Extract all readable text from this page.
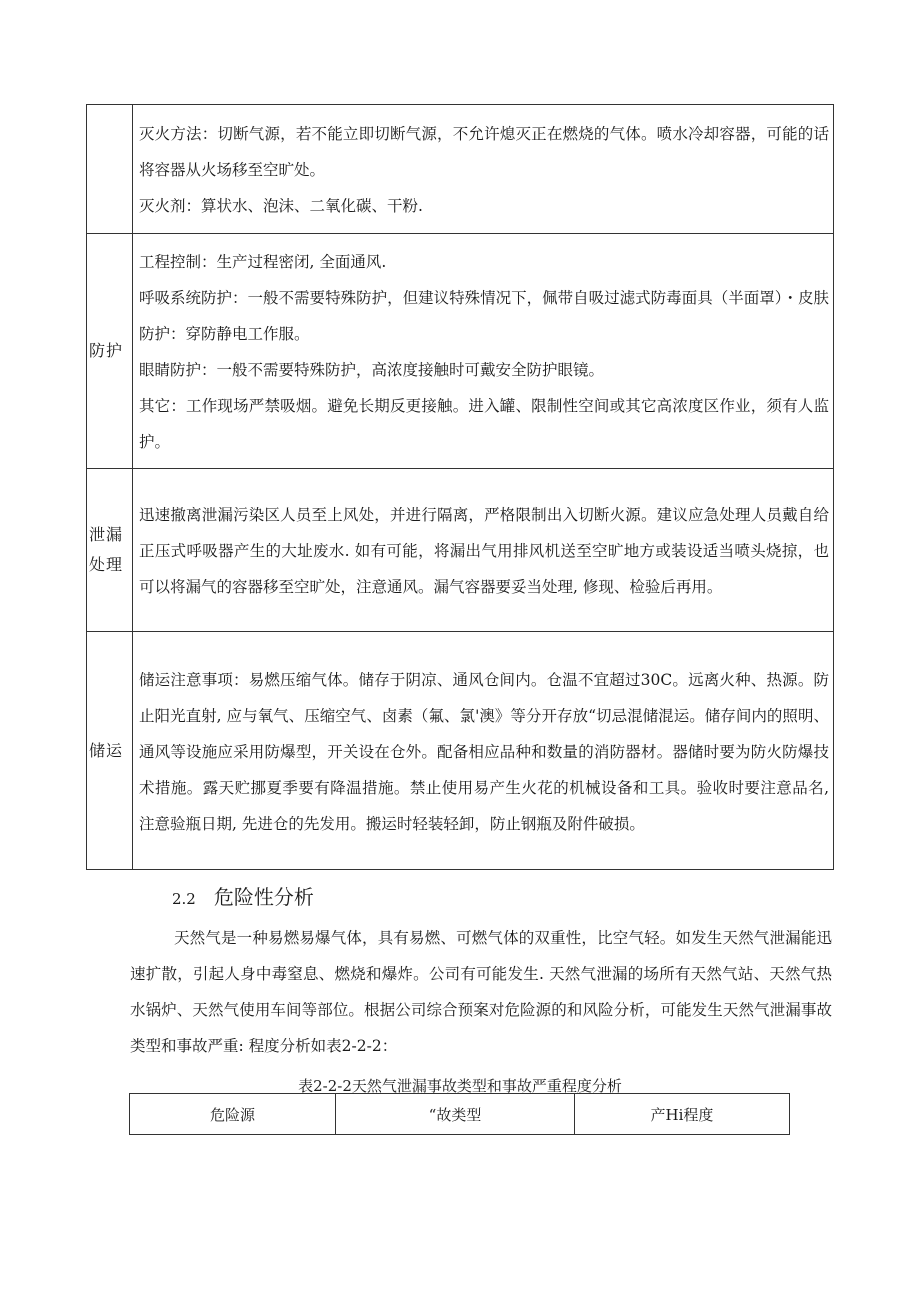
	灭火方法：切断气源，若不能立即切断气源，不允许熄灭正在燃烧的气体。喷水冷却容器，可能的话将容器从火场移至空旷处。

灭火剂：算状水、泡沫、二氧化碳、干粉.

防护	工程控制：生产过程密闭, 全面通风.

呼吸系统防护：一般不需要特殊防护，但建议特殊情况下，佩带自吸过滤式防毒面具（半面罩）・皮肤防护：穿防静电工作服。

眼睛防护：一般不需要特殊防护，高浓度接触时可戴安全防护眼镜。

其它：工作现场严禁吸烟。避免长期反更接触。进入罐、限制性空间或其它高浓度区作业，须有人监护。

泄漏处理	迅速撤离泄漏污染区人员至上风处，并进行隔离，严格限制出入切断火源。建议应急处理人员戴自给正压式呼吸器产生的大址废水. 如有可能，将漏出气用排风机送至空旷地方或装设适当喷头烧掠，也可以将漏气的容器移至空旷处，注意通风。漏气容器要妥当处理, 修现、检验后再用。

储运	储运注意事项：易燃压缩气体。储存于阴凉、通风仓间内。仓温不宜超过30C。远离火种、热源。防止阳光直射, 应与氧气、压缩空气、卤素（氟、氯'澳》等分开存放“切忌混储混运。储存间内的照明、通风等设施应采用防爆型，开关设在仓外。配备相应品种和数量的消防器材。器储时要为防火防爆技术措施。露天贮挪夏季要有降温措施。禁止使用易产生火花的机械设备和工具。验收时要注意品名, 注意验瓶日期, 先进仓的先发用。搬运时轻装轻卸，防止钢瓶及附件破损。

2.2 危险性分析

天然气是一种易燃易爆气体，具有易燃、可燃气体的双重性，比空气轻。如发生天然气泄漏能迅速扩散，引起人身中毒窒息、燃烧和爆炸。公司有可能发生. 天然气泄漏的场所有天然气站、天然气热水锅炉、天然气使用车间等部位。根据公司综合预案对危险源的和风险分析，可能发生天然气泄漏事故类型和事故严重: 程度分析如表2-2-2：

表2-2-2天然气泄漏事故类型和事故严重程度分析
危险源	“故类型	产Hi程度
